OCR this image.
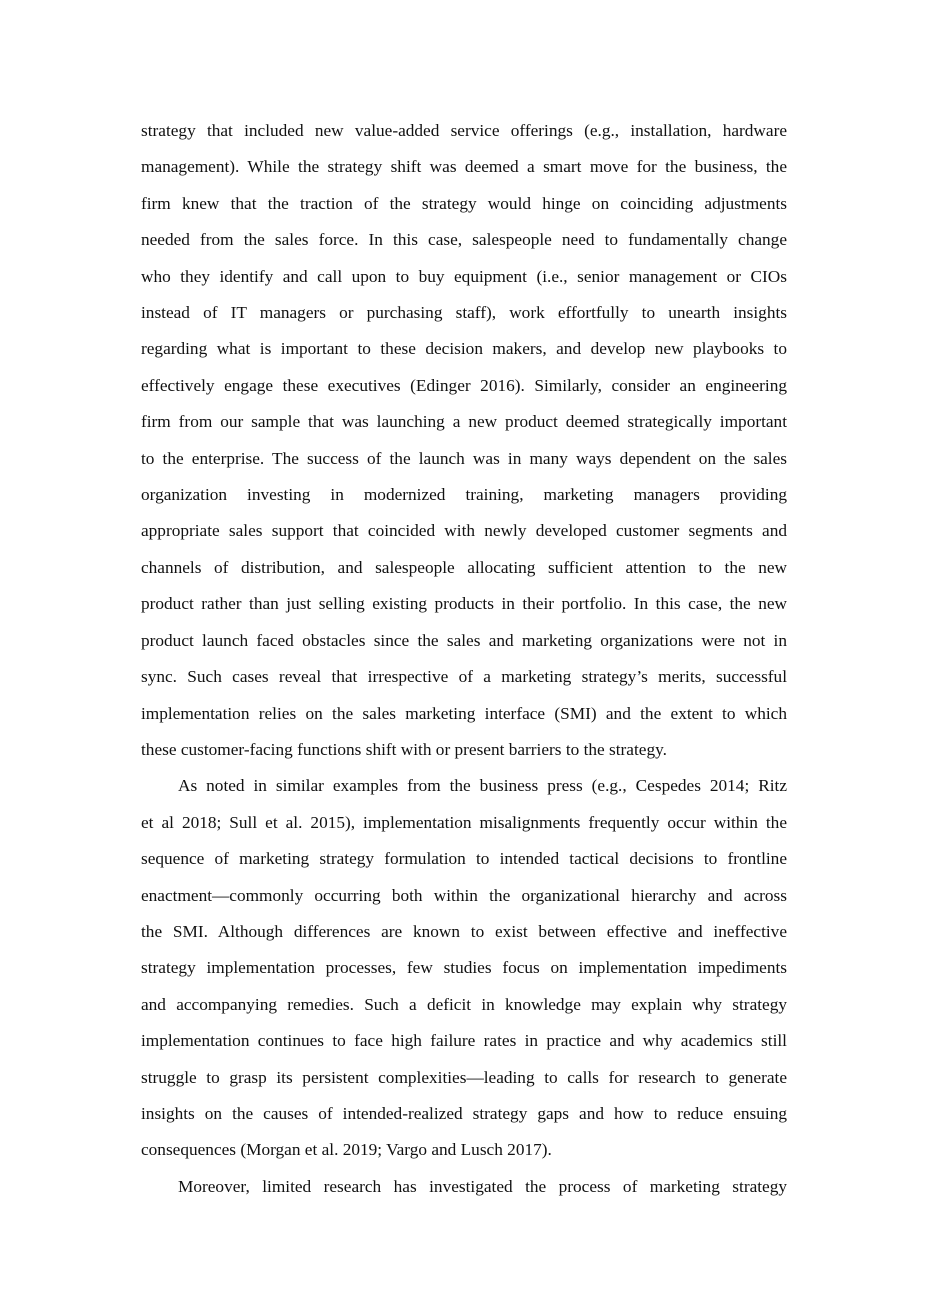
strategy that included new value-added service offerings (e.g., installation, hardware
management). While the strategy shift was deemed a smart move for the business, the
firm knew that the traction of the strategy would hinge on coinciding adjustments
needed from the sales force. In this case, salespeople need to fundamentally change
who they identify and call upon to buy equipment (i.e., senior management or CIOs
instead of IT managers or purchasing staff), work effortfully to unearth insights
regarding what is important to these decision makers, and develop new playbooks to
effectively engage these executives (Edinger 2016). Similarly, consider an engineering
firm from our sample that was launching a new product deemed strategically important
to the enterprise. The success of the launch was in many ways dependent on the sales
organization investing in modernized training, marketing managers providing
appropriate sales support that coincided with newly developed customer segments and
channels of distribution, and salespeople allocating sufficient attention to the new
product rather than just selling existing products in their portfolio. In this case, the new
product launch faced obstacles since the sales and marketing organizations were not in
sync. Such cases reveal that irrespective of a marketing strategy’s merits, successful
implementation relies on the sales marketing interface (SMI) and the extent to which
these customer-facing functions shift with or present barriers to the strategy.

As noted in similar examples from the business press (e.g., Cespedes 2014; Ritz
et al 2018; Sull et al. 2015), implementation misalignments frequently occur within the
sequence of marketing strategy formulation to intended tactical decisions to frontline
enactment—commonly occurring both within the organizational hierarchy and across
the SMI. Although differences are known to exist between effective and ineffective
strategy implementation processes, few studies focus on implementation impediments
and accompanying remedies. Such a deficit in knowledge may explain why strategy
implementation continues to face high failure rates in practice and why academics still
struggle to grasp its persistent complexities—leading to calls for research to generate
insights on the causes of intended-realized strategy gaps and how to reduce ensuing
consequences (Morgan et al. 2019; Vargo and Lusch 2017).

Moreover, limited research has investigated the process of marketing strategy
